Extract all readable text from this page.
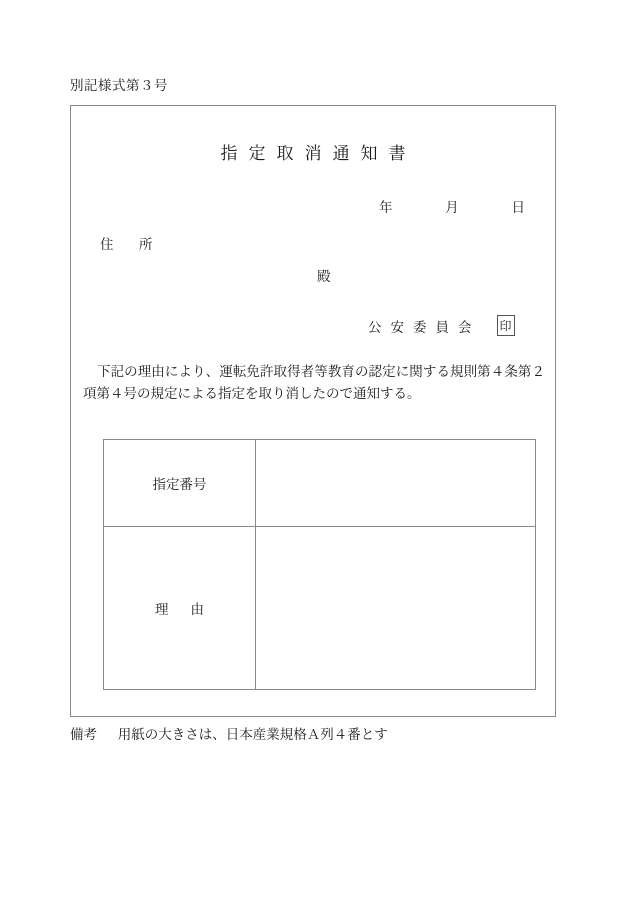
別記様式第３号
指定取消通知書
年	月	日
住　所
殿
公安委員会 印
下記の理由により、運転免許取得者等教育の認定に関する規則第４条第２項第４号の規定による指定を取り消したので通知する。
指定番号	
理 由	
備考 用紙の大きさは、日本産業規格Ａ列４番とす
